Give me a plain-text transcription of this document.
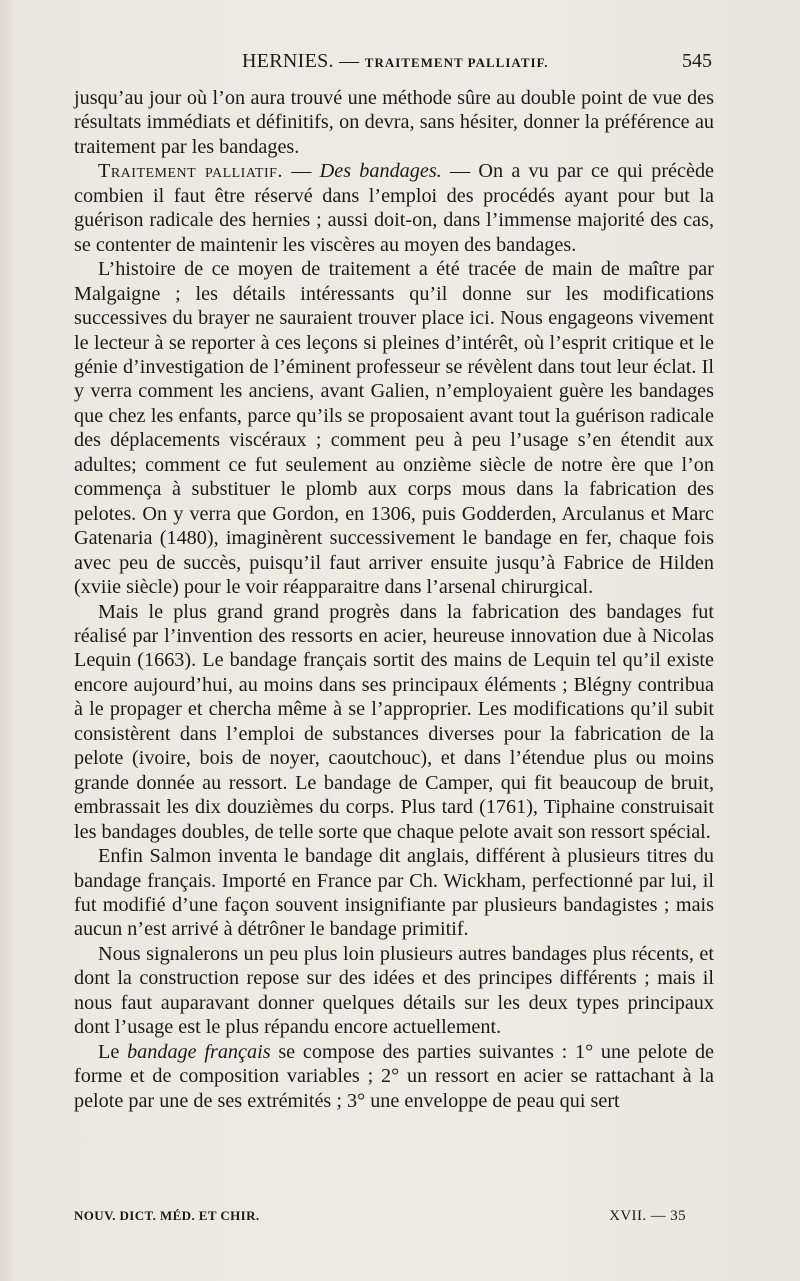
HERNIES. — TRAITEMENT PALLIATIF.	545

jusqu’au jour où l’on aura trouvé une méthode sûre au double point de vue des résultats immédiats et définitifs, on devra, sans hésiter, donner la préférence au traitement par les bandages.

Traitement palliatif. — Des bandages. — On a vu par ce qui précède combien il faut être réservé dans l’emploi des procédés ayant pour but la guérison radicale des hernies ; aussi doit-on, dans l’immense majorité des cas, se contenter de maintenir les viscères au moyen des bandages.

L’histoire de ce moyen de traitement a été tracée de main de maître par Malgaigne ; les détails intéressants qu’il donne sur les modifications successives du brayer ne sauraient trouver place ici. Nous engageons vivement le lecteur à se reporter à ces leçons si pleines d’intérêt, où l’esprit critique et le génie d’investigation de l’éminent professeur se révèlent dans tout leur éclat. Il y verra comment les anciens, avant Galien, n’employaient guère les bandages que chez les enfants, parce qu’ils se proposaient avant tout la guérison radicale des déplacements viscéraux ; comment peu à peu l’usage s’en étendit aux adultes; comment ce fut seulement au onzième siècle de notre ère que l’on commença à substituer le plomb aux corps mous dans la fabrication des pelotes. On y verra que Gordon, en 1306, puis Godderden, Arculanus et Marc Gatenaria (1480), imaginèrent successivement le bandage en fer, chaque fois avec peu de succès, puisqu’il faut arriver ensuite jusqu’à Fabrice de Hilden (xviie siècle) pour le voir réapparaitre dans l’arsenal chirurgical.

Mais le plus grand grand progrès dans la fabrication des bandages fut réalisé par l’invention des ressorts en acier, heureuse innovation due à Nicolas Lequin (1663). Le bandage français sortit des mains de Lequin tel qu’il existe encore aujourd’hui, au moins dans ses principaux éléments ; Blégny contribua à le propager et chercha même à se l’approprier. Les modifications qu’il subit consistèrent dans l’emploi de substances diverses pour la fabrication de la pelote (ivoire, bois de noyer, caoutchouc), et dans l’étendue plus ou moins grande donnée au ressort. Le bandage de Camper, qui fit beaucoup de bruit, embrassait les dix douzièmes du corps. Plus tard (1761), Tiphaine construisait les bandages doubles, de telle sorte que chaque pelote avait son ressort spécial.

Enfin Salmon inventa le bandage dit anglais, différent à plusieurs titres du bandage français. Importé en France par Ch. Wickham, perfectionné par lui, il fut modifié d’une façon souvent insignifiante par plusieurs bandagistes ; mais aucun n’est arrivé à détrôner le bandage primitif.

Nous signalerons un peu plus loin plusieurs autres bandages plus récents, et dont la construction repose sur des idées et des principes différents ; mais il nous faut auparavant donner quelques détails sur les deux types principaux dont l’usage est le plus répandu encore actuellement.

Le bandage français se compose des parties suivantes : 1° une pelote de forme et de composition variables ; 2° un ressort en acier se rattachant à la pelote par une de ses extrémités ; 3° une enveloppe de peau qui sert

NOUV. DICT. MÉD. ET CHIR.	XVII. — 35
